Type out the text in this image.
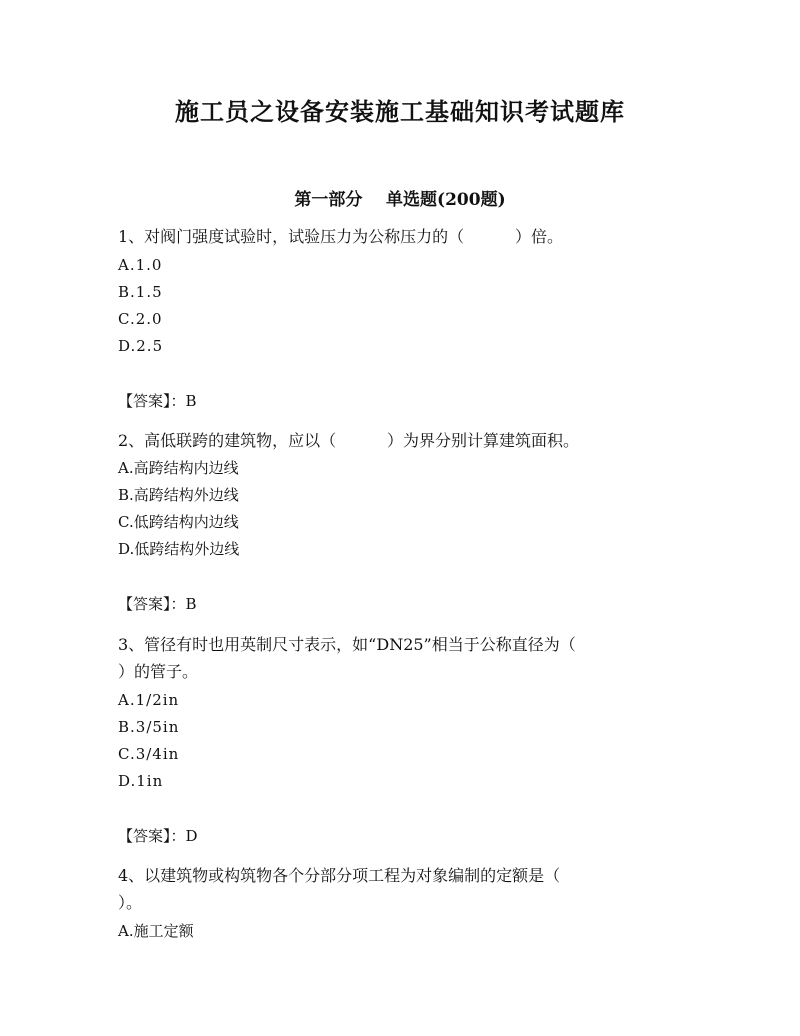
施工员之设备安装施工基础知识考试题库
第一部分    单选题(200题)
1、对阀门强度试验时，试验压力为公称压力的（          ）倍。
A.1.0
B.1.5
C.2.0
D.2.5
【答案】：B
2、高低联跨的建筑物，应以（          ）为界分别计算建筑面积。
A.高跨结构内边线
B.高跨结构外边线
C.低跨结构内边线
D.低跨结构外边线
【答案】：B
3、管径有时也用英制尺寸表示，如“DN25”相当于公称直径为（
）的管子。
A.1/2in
B.3/5in
C.3/4in
D.1in
【答案】：D
4、以建筑物或构筑物各个分部分项工程为对象编制的定额是（
）。
A.施工定额
